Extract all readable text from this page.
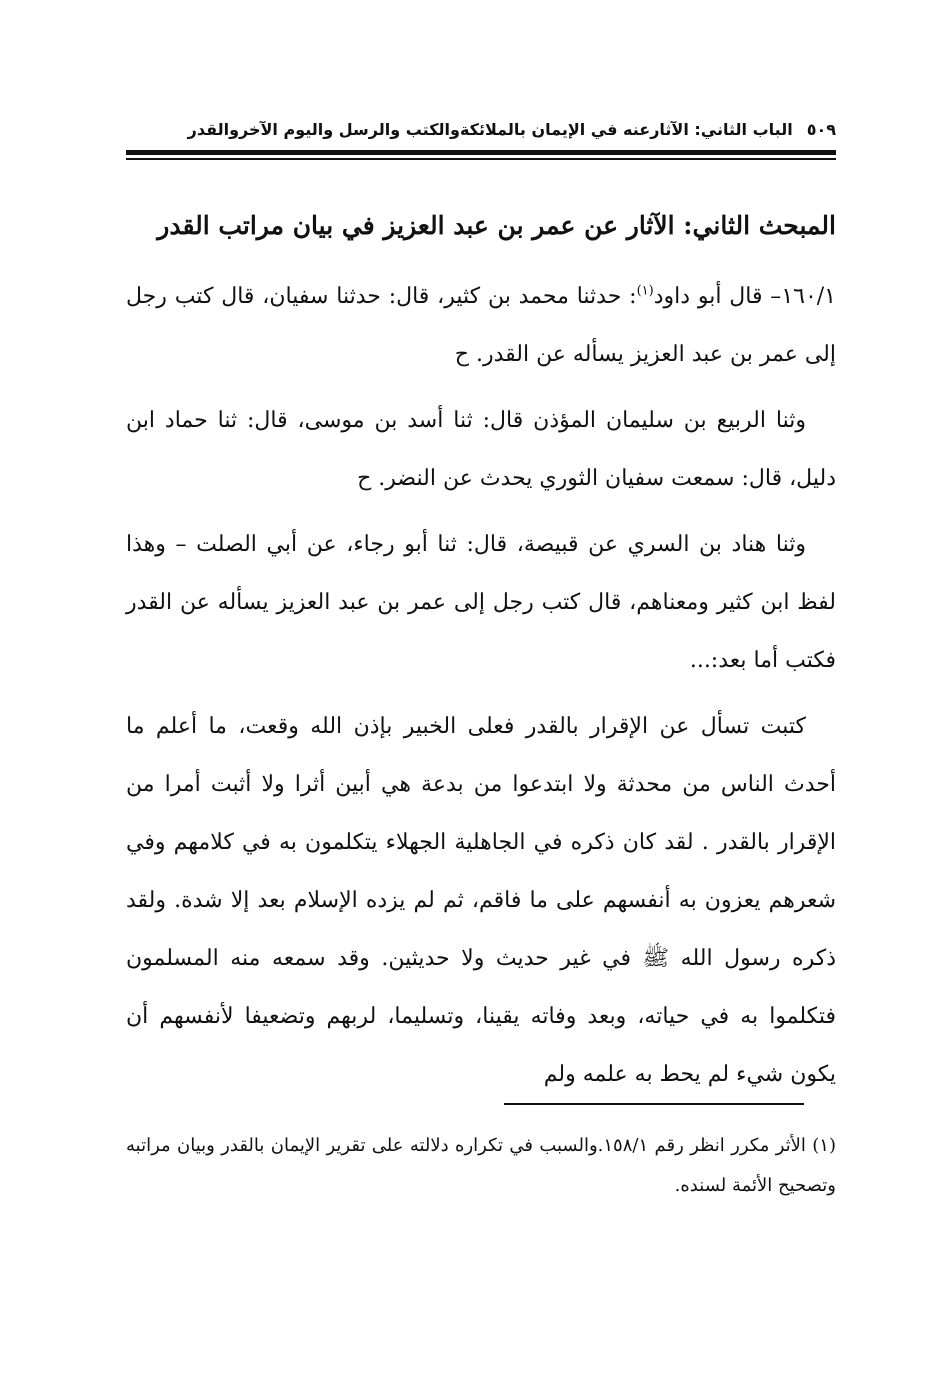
٥٠٩
الباب الثاني: الآثارعنه في الإيمان بالملائكةوالكتب والرسل واليوم الآخروالقدر
المبحث الثاني: الآثار عن عمر بن عبد العزيز في بيان مراتب القدر

١٦٠/١– قال أبو داود$^{(١)}$: حدثنا محمد بن كثير، قال: حدثنا سفيان، قال كتب رجل إلى عمر بن عبد العزيز يسأله عن القدر. ح

وثنا الربيع بن سليمان المؤذن قال: ثنا أسد بن موسى، قال: ثنا حماد ابن دليل، قال: سمعت سفيان الثوري يحدث عن النضر. ح

وثنا هناد بن السري عن قبيصة، قال: ثنا أبو رجاء، عن أبي الصلت – وهذا لفظ ابن كثير ومعناهم، قال كتب رجل إلى عمر بن عبد العزيز يسأله عن القدر فكتب أما بعد:...

كتبت تسأل عن الإقرار بالقدر فعلى الخبير بإذن الله وقعت، ما أعلم ما أحدث الناس من محدثة ولا ابتدعوا من بدعة هي أبين أثرا ولا أثبت أمرا من الإقرار بالقدر . لقد كان ذكره في الجاهلية الجهلاء يتكلمون به في كلامهم وفي شعرهم يعزون به أنفسهم على ما فاقم، ثم لم يزده الإسلام بعد إلا شدة. ولقد ذكره رسول الله ﷺ في غير حديث ولا حديثين. وقد سمعه منه المسلمون فتكلموا به في حياته، وبعد وفاته يقينا، وتسليما، لربهم وتضعيفا لأنفسهم أن يكون شيء لم يحط به علمه ولم

(١) الأثر مكرر انظر رقم ١٥٨/١.والسبب في تكراره دلالته على تقرير الإيمان بالقدر وبيان مراتبه وتصحيح الأئمة لسنده.
